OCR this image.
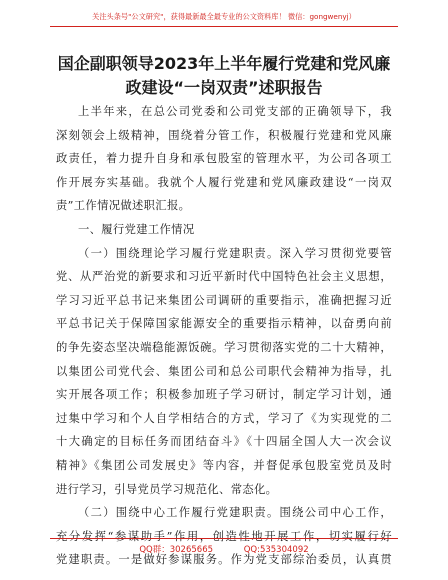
关注头条号"公文研究"，获得最新最全最专业的公文资料库！ 微信：gongwenyj）
国企副职领导2023年上半年履行党建和党风廉
政建设“一岗双责”述职报告

上半年来，在总公司党委和公司党支部的正确领导下，我
深刻领会上级精神，围绕着分管工作，积极履行党建和党风廉
政责任，着力提升自身和承包股室的管理水平，为公司各项工
作开展夯实基础。我就个人履行党建和党风廉政建设“一岗双
责”工作情况做述职汇报。

一、履行党建工作情况

（一）围绕理论学习履行党建职责。深入学习贯彻党要管
党、从严治党的新要求和习近平新时代中国特色社会主义思想，
学习习近平总书记来集团公司调研的重要指示，准确把握习近
平总书记关于保障国家能源安全的重要指示精神，以奋勇向前
的争先姿态坚决端稳能源饭碗。学习贯彻落实党的二十大精神，
以集团公司党代会、集团公司和总公司职代会精神为指导，扎
实开展各项工作；积极参加班子学习研讨，制定学习计划，通
过集中学习和个人自学相结合的方式，学习了《为实现党的二
十大确定的目标任务而团结奋斗》《十四届全国人大一次会议
精神》《集团公司发展史》等内容，并督促承包股室党员及时
进行学习，引导党员学习规范化、常态化。

（二）围绕中心工作履行党建职责。围绕公司中心工作，
充分发挥“参谋助手”作用，创造性地开展工作，切实履行好
党建职责。一是做好参谋服务。作为党支部综治委员，认真贯

QQ群：30265665	QQ:535304092
